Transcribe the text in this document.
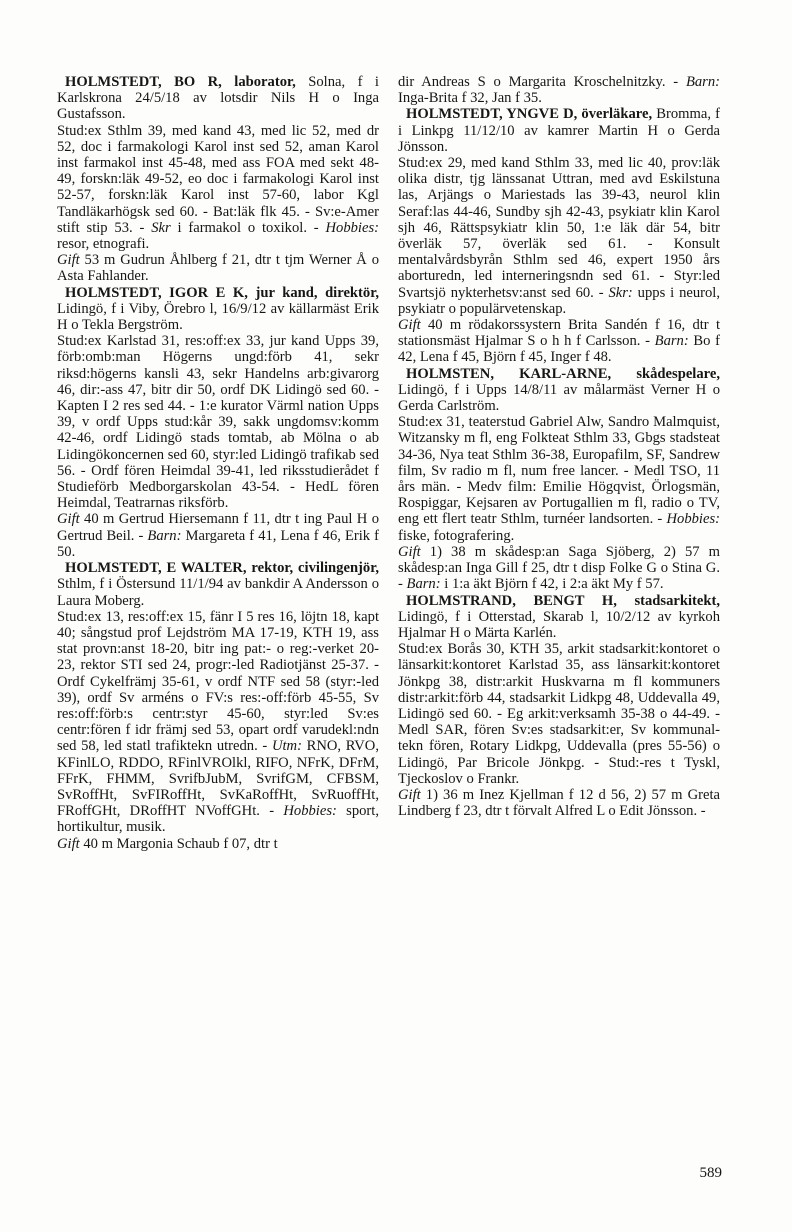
HOLMSTEDT, BO R, laborator, Solna, f i Karlskrona 24/5/18 av lotsdir Nils H o Inga Gustafsson.
Stud:ex Sthlm 39, med kand 43, med lic 52, med dr 52, doc i farmakologi Karol inst sed 52, aman Karol inst farmakol inst 45-48, med ass FOA med sekt 48-49, forskn:läk 49-52, eo doc i farmakologi Karol inst 52-57, forskn:läk Karol inst 57-60, labor Kgl Tandläkarhögsk sed 60. - Bat:läk flk 45. - Sv:e-Amer stift stip 53. - Skr i farmakol o toxikol. - Hobbies: resor, etnografi.
Gift 53 m Gudrun Åhlberg f 21, dtr t tjm Werner Å o Asta Fahlander.

HOLMSTEDT, IGOR E K, jur kand, direktör, Lidingö, f i Viby, Örebro l, 16/9/12 av källarmäst Erik H o Tekla Bergström.
Stud:ex Karlstad 31, res:off:ex 33, jur kand Upps 39, förb:omb:man Högerns ungd:förb 41, sekr riksd:högerns kansli 43, sekr Handelns arb:givarorg 46, dir:-ass 47, bitr dir 50, ordf DK Lidingö sed 60. - Kapten I 2 res sed 44. - 1:e kurator Värml nation Upps 39, v ordf Upps stud:kår 39, sakk ungdomsv:komm 42-46, ordf Lidingö stads tomtab, ab Mölna o ab Lidingökoncernen sed 60, styr:led Lidingö trafikab sed 56. - Ordf fören Heimdal 39-41, led riksstudierådet f Studieförb Medborgarskolan 43-54. - HedL fören Heimdal, Teatrarnas riksförb.
Gift 40 m Gertrud Hiersemann f 11, dtr t ing Paul H o Gertrud Beil. - Barn: Margareta f 41, Lena f 46, Erik f 50.

HOLMSTEDT, E WALTER, rektor, civilingenjör, Sthlm, f i Östersund 11/1/94 av bankdir A Andersson o Laura Moberg.
Stud:ex 13, res:off:ex 15, fänr I 5 res 16, löjtn 18, kapt 40; sångstud prof Lejdström MA 17-19, KTH 19, ass stat provn:anst 18-20, bitr ing pat:- o reg:-verket 20-23, rektor STI sed 24, progr:-led Radiotjänst 25-37. - Ordf Cykelfrämj 35-61, v ordf NTF sed 58 (styr:-led 39), ordf Sv arméns o FV:s res:-off:förb 45-55, Sv res:off:förb:s centr:styr 45-60, styr:led Sv:es centr:fören f idr främj sed 53, opart ordf varudekl:ndn sed 58, led statl trafiktekn utredn. - Utm: RNO, RVO, KFinlLO, RDDO, RFinlVROlkl, RIFO, NFrK, DFrM, FFrK, FHMM, SvrifbJubM, SvrifGM, CFBSM, SvRoffHt, SvFIRoffHt, SvKaRoffHt, SvRuoffHt, FRoffGHt, DRoffHT NVoffGHt. - Hobbies: sport, hortikultur, musik.
Gift 40 m Margonia Schaub f 07, dtr t

dir Andreas S o Margarita Kroschelnitzky. - Barn: Inga-Brita f 32, Jan f 35.

HOLMSTEDT, YNGVE D, överläkare, Bromma, f i Linkpg 11/12/10 av kamrer Martin H o Gerda Jönsson.
Stud:ex 29, med kand Sthlm 33, med lic 40, prov:läk olika distr, tjg länssanat Uttran, med avd Eskilstuna las, Arjängs o Mariestads las 39-43, neurol klin Seraf:las 44-46, Sundby sjh 42-43, psykiatr klin Karol sjh 46, Rättspsykiatr klin 50, 1:e läk där 54, bitr överläk 57, överläk sed 61. - Konsult mentalvårdsbyrån Sthlm sed 46, expert 1950 års aborturedn, led interneringsndn sed 61. - Styr:led Svartsjö nykterhetsv:anst sed 60. - Skr: upps i neurol, psykiatr o populärvetenskap.
Gift 40 m rödakorssystern Brita Sandén f 16, dtr t stationsmäst Hjalmar S o h h f Carlsson. - Barn: Bo f 42, Lena f 45, Björn f 45, Inger f 48.

HOLMSTEN, KARL-ARNE, skådespelare, Lidingö, f i Upps 14/8/11 av målarmäst Verner H o Gerda Carlström.
Stud:ex 31, teaterstud Gabriel Alw, Sandro Malmquist, Witzansky m fl, eng Folkteat Sthlm 33, Gbgs stadsteat 34-36, Nya teat Sthlm 36-38, Europafilm, SF, Sandrew film, Sv radio m fl, num free lancer. - Medl TSO, 11 års män. - Medv film: Emilie Högqvist, Örlogsmän, Rospiggar, Kejsaren av Portugallien m fl, radio o TV, eng ett flert teatr Sthlm, turnéer landsorten. - Hobbies: fiske, fotografering.
Gift 1) 38 m skådesp:an Saga Sjöberg, 2) 57 m skådesp:an Inga Gill f 25, dtr t disp Folke G o Stina G. - Barn: i 1:a äkt Björn f 42, i 2:a äkt My f 57.

HOLMSTRAND, BENGT H, stadsarkitekt, Lidingö, f i Otterstad, Skarab l, 10/2/12 av kyrkoh Hjalmar H o Märta Karlén.
Stud:ex Borås 30, KTH 35, arkit stadsarkit:kontoret o länsarkit:kontoret Karlstad 35, ass länsarkit:kontoret Jönkpg 38, distr:arkit Huskvarna m fl kommuners distr:arkit:förb 44, stadsarkit Lidkpg 48, Uddevalla 49, Lidingö sed 60. - Eg arkit:verksamh 35-38 o 44-49. - Medl SAR, fören Sv:es stadsarkit:er, Sv kommunal-tekn fören, Rotary Lidkpg, Uddevalla (pres 55-56) o Lidingö, Par Bricole Jönkpg. - Stud:-res t Tyskl, Tjeckoslov o Frankr.
Gift 1) 36 m Inez Kjellman f 12 d 56, 2) 57 m Greta Lindberg f 23, dtr t förvalt Alfred L o Edit Jönsson. -

589
